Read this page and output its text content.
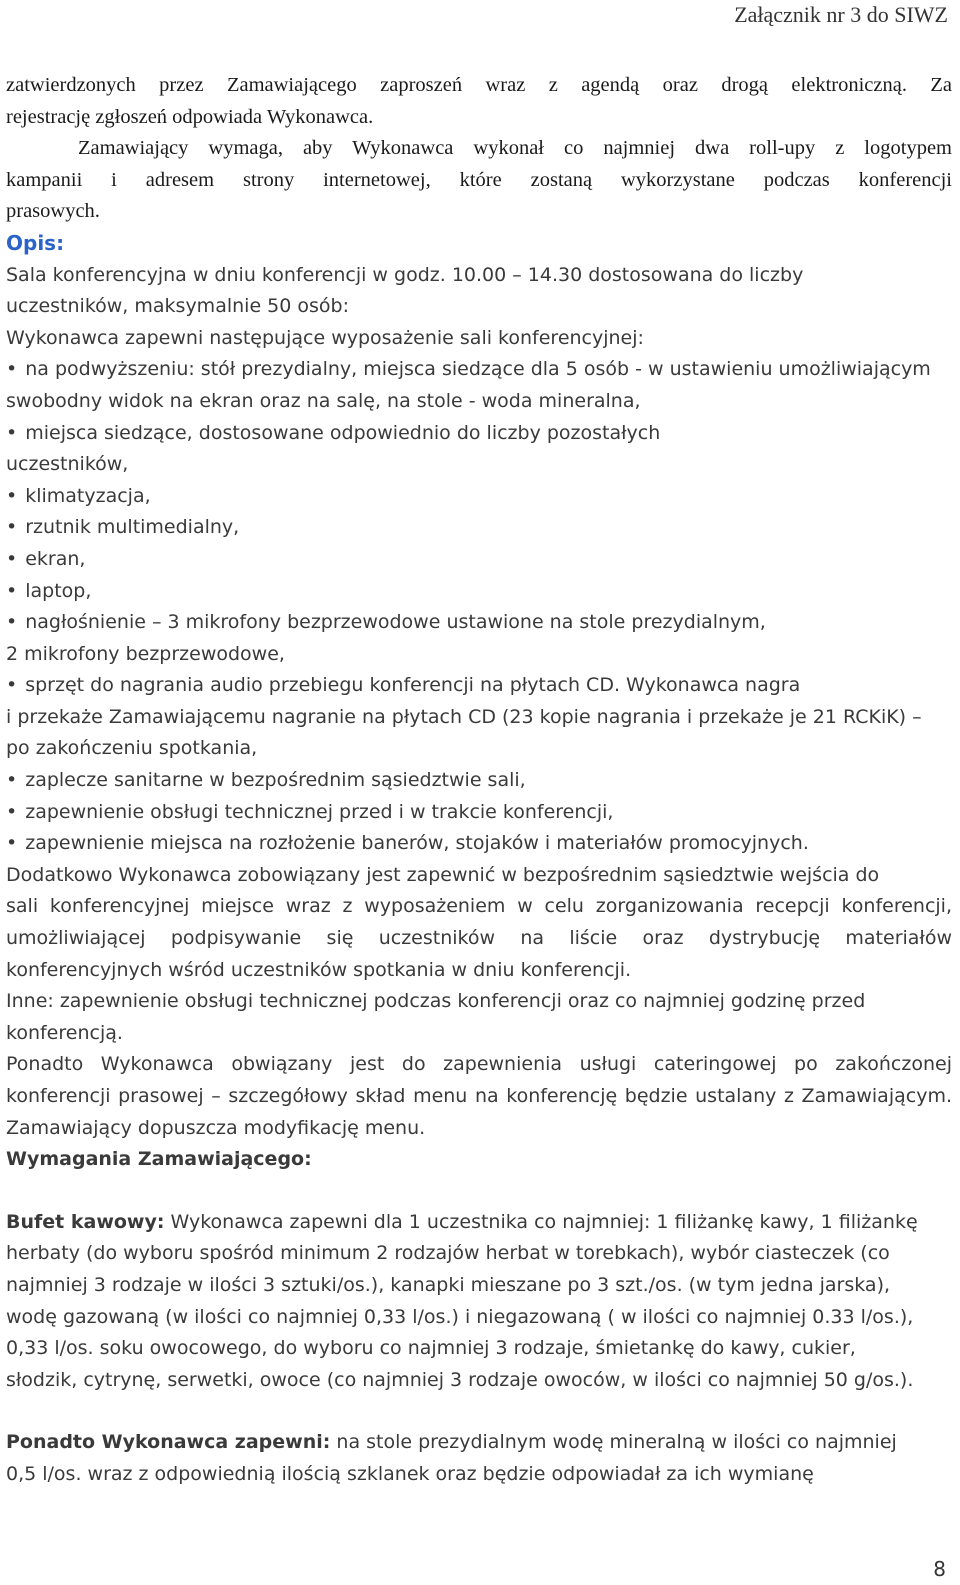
Załącznik nr 3 do SIWZ

zatwierdzonych przez Zamawiającego zaproszeń wraz z agendą oraz drogą elektroniczną. Za

rejestrację zgłoszeń odpowiada Wykonawca.

Zamawiający wymaga, aby Wykonawca wykonał co najmniej dwa roll-upy z logotypem

kampanii i adresem strony internetowej, które zostaną wykorzystane podczas konferencji

prasowych.

Opis:

Sala konferencyjna w dniu konferencji w godz. 10.00 – 14.30 dostosowana do liczby

uczestników, maksymalnie 50 osób:

Wykonawca zapewni następujące wyposażenie sali konferencyjnej:

• na podwyższeniu: stół prezydialny, miejsca siedzące dla 5 osób - w ustawieniu umożliwiającym

swobodny widok na ekran oraz na salę, na stole - woda mineralna,

• miejsca siedzące, dostosowane odpowiednio do liczby pozostałych

uczestników,

• klimatyzacja,

• rzutnik multimedialny,

• ekran,

• laptop,

• nagłośnienie – 3 mikrofony bezprzewodowe ustawione na stole prezydialnym,

2 mikrofony bezprzewodowe,

• sprzęt do nagrania audio przebiegu konferencji na płytach CD. Wykonawca nagra

i przekaże Zamawiającemu nagranie na płytach CD (23 kopie nagrania i przekaże je 21 RCKiK) –

po zakończeniu spotkania,

• zaplecze sanitarne w bezpośrednim sąsiedztwie sali,

• zapewnienie obsługi technicznej przed i w trakcie konferencji,

• zapewnienie miejsca na rozłożenie banerów, stojaków i materiałów promocyjnych.

Dodatkowo Wykonawca zobowiązany jest zapewnić w bezpośrednim sąsiedztwie wejścia do

sali konferencyjnej miejsce wraz z wyposażeniem w celu zorganizowania recepcji konferencji,

umożliwiającej podpisywanie się uczestników na liście oraz dystrybucję materiałów

konferencyjnych wśród uczestników spotkania w dniu konferencji.

Inne: zapewnienie obsługi technicznej podczas konferencji oraz co najmniej godzinę przed

konferencją.

Ponadto Wykonawca obwiązany jest do zapewnienia usługi cateringowej po zakończonej

konferencji prasowej – szczegółowy skład menu na konferencję będzie ustalany z Zamawiającym.

Zamawiający dopuszcza modyfikację menu.

Wymagania Zamawiającego:

Bufet kawowy: Wykonawca zapewni dla 1 uczestnika co najmniej: 1 filiżankę kawy, 1 filiżankę

herbaty (do wyboru spośród minimum 2 rodzajów herbat w torebkach), wybór ciasteczek (co

najmniej 3 rodzaje w ilości 3 sztuki/os.), kanapki mieszane po 3 szt./os. (w tym jedna jarska),

wodę gazowaną (w ilości co najmniej 0,33 l/os.) i niegazowaną ( w ilości co najmniej 0.33 l/os.),

0,33 l/os. soku owocowego, do wyboru co najmniej 3 rodzaje, śmietankę do kawy, cukier,

słodzik, cytrynę, serwetki, owoce (co najmniej 3 rodzaje owoców, w ilości co najmniej 50 g/os.).

Ponadto Wykonawca zapewni: na stole prezydialnym wodę mineralną w ilości co najmniej

0,5 l/os. wraz z odpowiednią ilością szklanek oraz będzie odpowiadał za ich wymianę

8
